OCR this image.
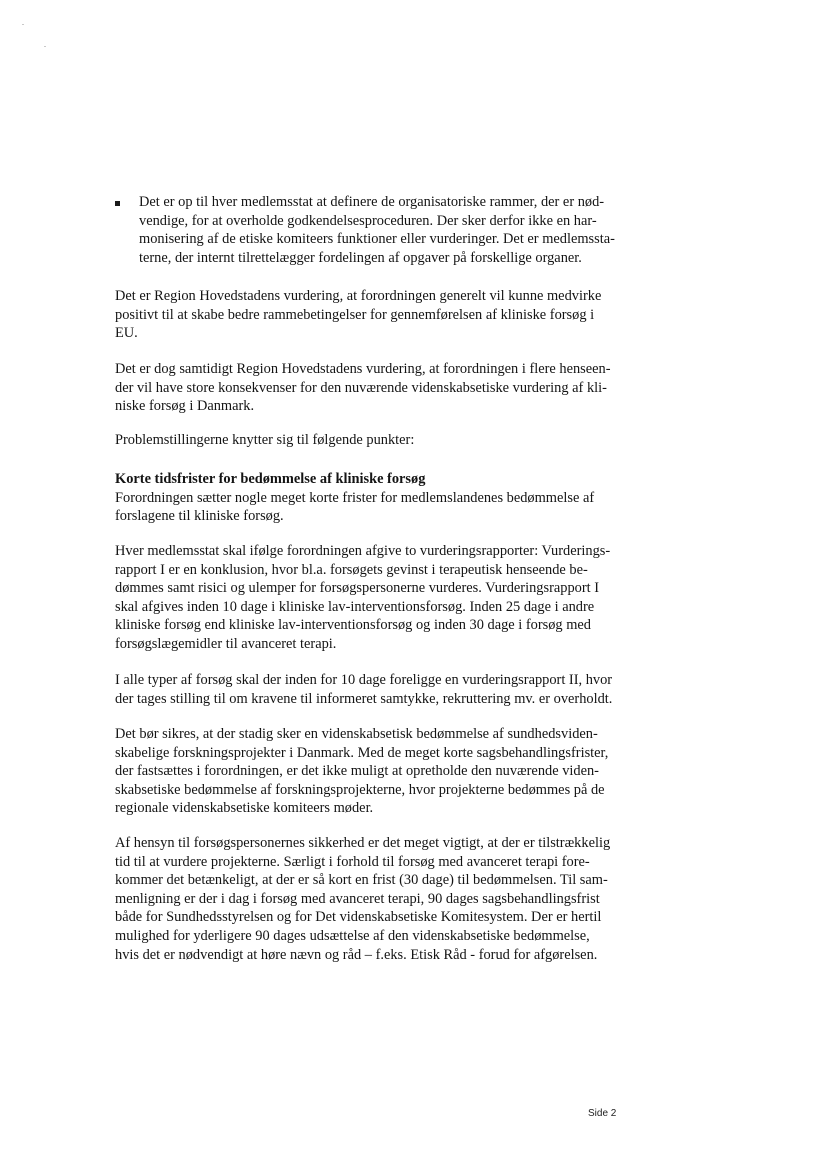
Det er op til hver medlemsstat at definere de organisatoriske rammer, der er nød-
vendige, for at overholde godkendelsesproceduren. Der sker derfor ikke en har-
monisering af de etiske komiteers funktioner eller vurderinger. Det er medlemssta-
terne, der internt tilrettelægger fordelingen af opgaver på forskellige organer.
Det er Region Hovedstadens vurdering, at forordningen generelt vil kunne medvirke
positivt til at skabe bedre rammebetingelser for gennemførelsen af kliniske forsøg i
EU.
Det er dog samtidigt Region Hovedstadens vurdering, at forordningen i flere henseen-
der vil have store konsekvenser for den nuværende videnskabsetiske vurdering af kli-
niske forsøg i Danmark.
Problemstillingerne knytter sig til følgende punkter:
Korte tidsfrister for bedømmelse af kliniske forsøg
Forordningen sætter nogle meget korte frister for medlemslandenes bedømmelse af
forslagene til kliniske forsøg.
Hver medlemsstat skal ifølge forordningen afgive to vurderingsrapporter: Vurderings-
rapport I er en konklusion, hvor bl.a. forsøgets gevinst i terapeutisk henseende be-
dømmes samt risici og ulemper for forsøgspersonerne vurderes. Vurderingsrapport I
skal afgives inden 10 dage i kliniske lav-interventionsforsøg. Inden 25 dage i andre
kliniske forsøg end kliniske lav-interventionsforsøg og inden 30 dage i forsøg med
forsøgslægemidler til avanceret terapi.
I alle typer af forsøg skal der inden for 10 dage foreligge en vurderingsrapport II, hvor
der tages stilling til om kravene til informeret samtykke, rekruttering mv. er overholdt.
Det bør sikres, at der stadig sker en videnskabsetisk bedømmelse af sundhedsviden-
skabelige forskningsprojekter i Danmark. Med de meget korte sagsbehandlingsfrister,
der fastsættes i forordningen, er det ikke muligt at opretholde den nuværende viden-
skabsetiske bedømmelse af forskningsprojekterne, hvor projekterne bedømmes på de
regionale videnskabsetiske komiteers møder.
Af hensyn til forsøgspersonernes sikkerhed er det meget vigtigt, at der er tilstrækkelig
tid til at vurdere projekterne. Særligt i forhold til forsøg med avanceret terapi fore-
kommer det betænkeligt, at der er så kort en frist (30 dage) til bedømmelsen. Til sam-
menligning er der i dag i forsøg med avanceret terapi, 90 dages sagsbehandlingsfrist
både for Sundhedsstyrelsen og for Det videnskabsetiske Komitesystem. Der er hertil
mulighed for yderligere 90 dages udsættelse af den videnskabsetiske bedømmelse,
hvis det er nødvendigt at høre nævn og råd – f.eks. Etisk Råd - forud for afgørelsen.
Side 2
